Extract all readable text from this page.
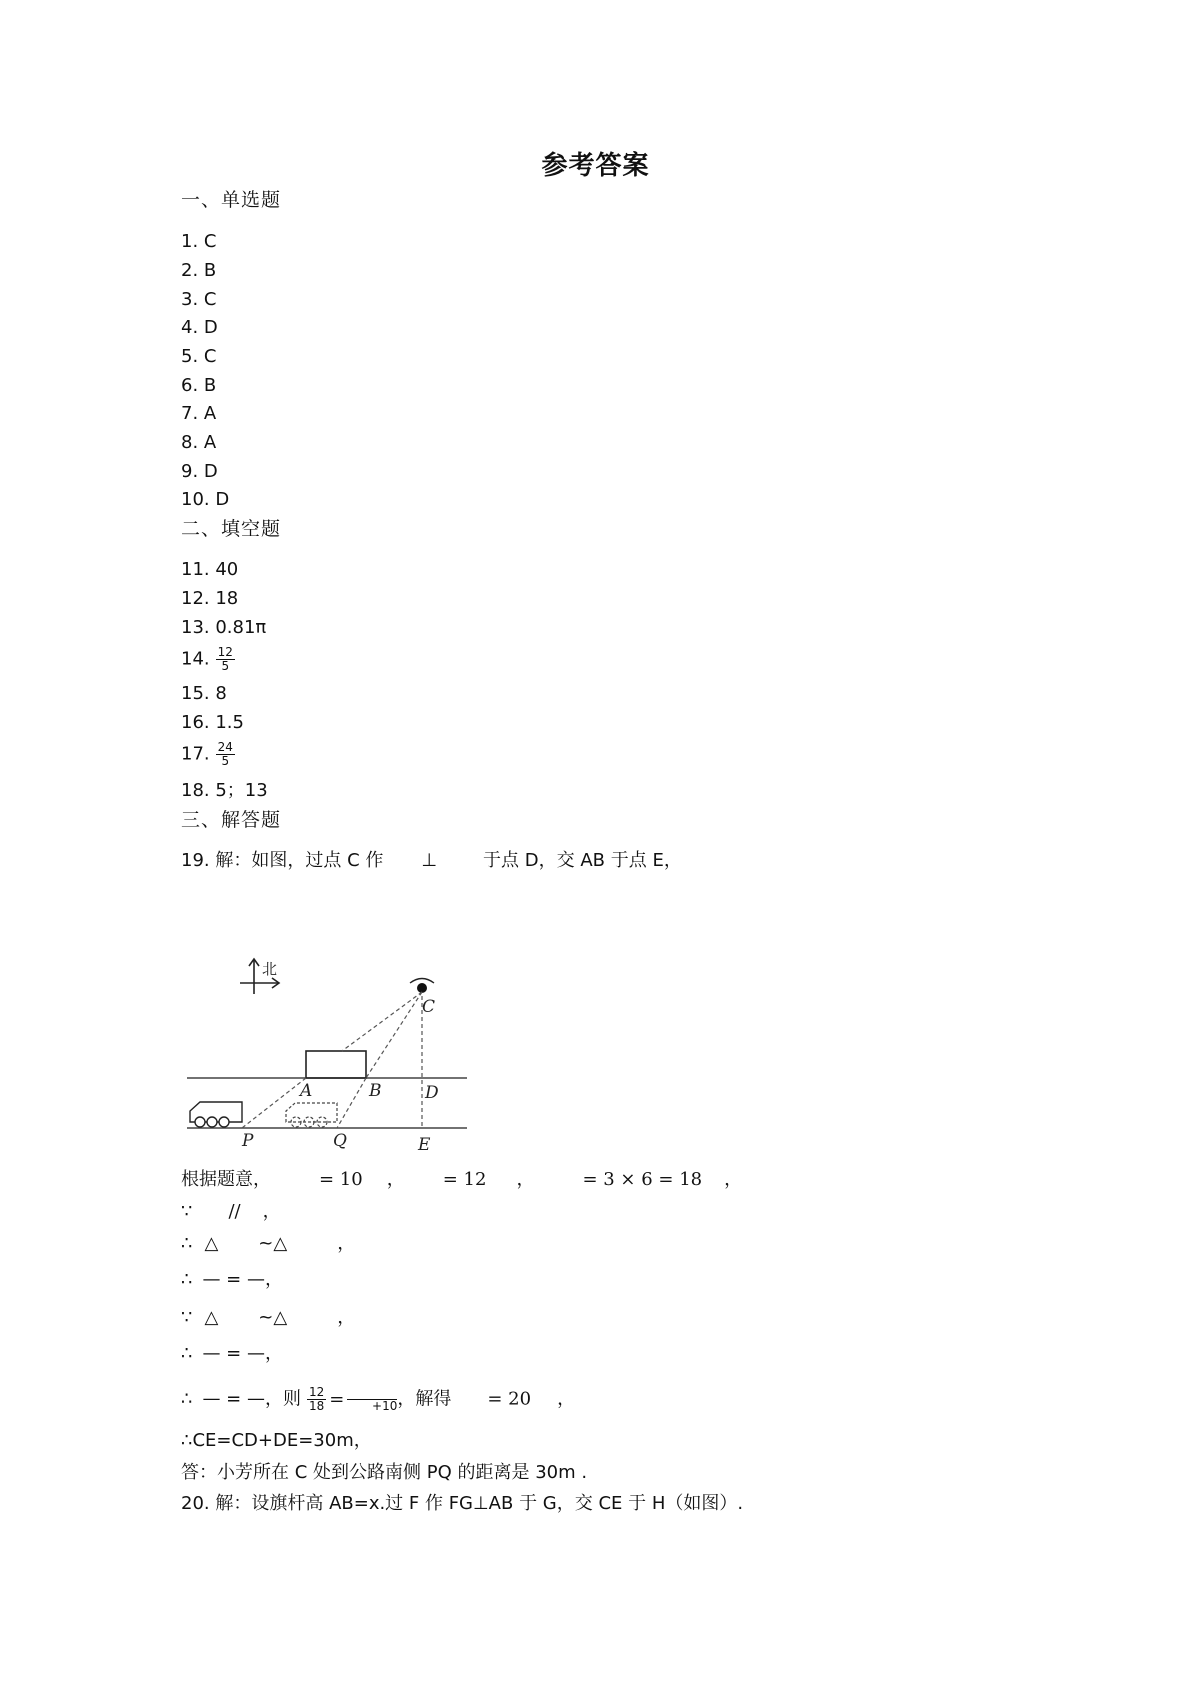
参考答案
一、单选题
1. C
2. B
3. C
4. D
5. C
6. B
7. A
8. A
9. D
10. D
二、填空题
11. 40
12. 18
13. 0.81π
14. $\frac{12}{5}$
15. 8
16. 1.5
17. $\frac{24}{5}$
18. 5；13
三、解答题
19. 解：如图，过点 C 作 ⊥	于点 D，交 AB 于点 E，
北
C
A	B	D
P	Q	E
根据题意，	= 10 ， = 12 ，	= 3 × 6 = 18 ，
∵ // ，
∴ △ ~△	，
∴ — = —，
∵ △ ~△	，
∴ — = —，
∴ — = —，则 $\frac{12}{18}$ =	+10 ，解得 = 20 ，
∴CE=CD+DE=30m，
答：小芳所在 C 处到公路南侧 PQ 的距离是 30m .
20. 解：设旗杆高 AB=x.过 F 作 FG⊥AB 于 G，交 CE 于 H（如图）.
